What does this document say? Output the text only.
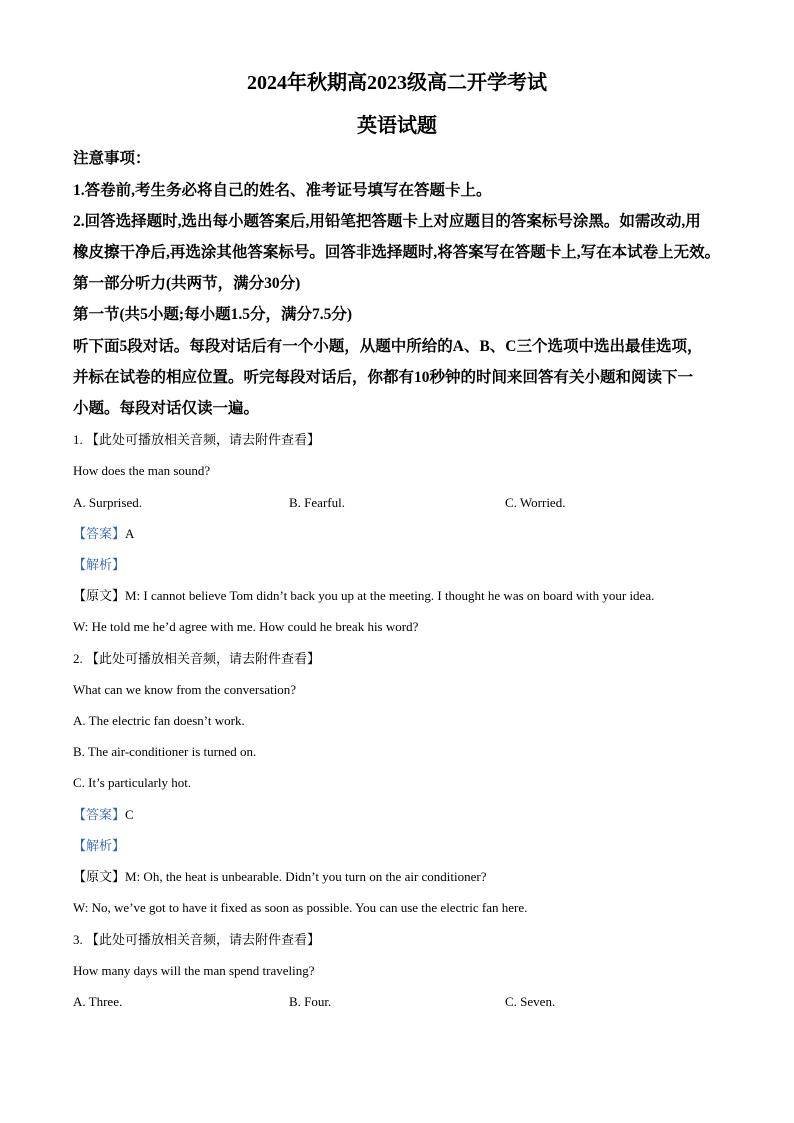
2024年秋期高2023级高二开学考试
英语试题
注意事项：
1.答卷前,考生务必将自己的姓名、准考证号填写在答题卡上。
2.回答选择题时,选出每小题答案后,用铅笔把答题卡上对应题目的答案标号涂黑。如需改动,用
橡皮擦干净后,再选涂其他答案标号。回答非选择题时,将答案写在答题卡上,写在本试卷上无效。
第一部分听力(共两节，满分30分)
第一节(共5小题;每小题1.5分，满分7.5分)
听下面5段对话。每段对话后有一个小题，从题中所给的A、B、C三个选项中选出最佳选项，
并标在试卷的相应位置。听完每段对话后，你都有10秒钟的时间来回答有关小题和阅读下一
小题。每段对话仅读一遍。
1. 【此处可播放相关音频，请去附件查看】
How does the man sound?
A. Surprised.	B. Fearful.	C. Worried.
【答案】A
【解析】
【原文】M: I cannot believe Tom didn’t back you up at the meeting. I thought he was on board with your idea.
W: He told me he’d agree with me. How could he break his word?
2. 【此处可播放相关音频，请去附件查看】
What can we know from the conversation?
A. The electric fan doesn’t work.
B. The air-conditioner is turned on.
C. It’s particularly hot.
【答案】C
【解析】
【原文】M: Oh, the heat is unbearable. Didn’t you turn on the air conditioner?
W: No, we’ve got to have it fixed as soon as possible. You can use the electric fan here.
3. 【此处可播放相关音频，请去附件查看】
How many days will the man spend traveling?
A. Three.	B. Four.	C. Seven.
